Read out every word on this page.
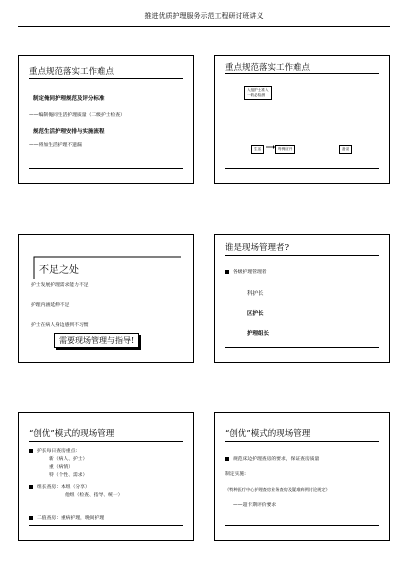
推进优质护理服务示范工程研讨班讲义
重点规范落实工作难点
制定俺同护理规范及评分标准
——编制俺同生活护理质量（二级护士检查）
规范生活护理安排与实施流程
——将加生活护理不遗漏
重点规范落实工作难点
入组护士准入
一收必检测
生活	每例应开	备录
不足之处
护士发展护理需求能力不足
护理内涵延伸不足
护士在病人身边感到不习惯
需要现场管理与指导!
谁是现场管理者?
各级护理管理者
科护长
区护长
护理组长
“创优”模式的现场管理
护长每日查房重点:
新（病人、护士）
重（病情）
特（个性、需求）
组长查房：本组（分享）
他组（检查、指导、统一）
二值查房：重病护理，晚间护理
“创优”模式的现场管理
规范床边护理查房的要求，保证查房质量
制定实施:
《特种医疗中心护理查房业务查房及疑难病例讨论规定》
——超卡期评价要求
